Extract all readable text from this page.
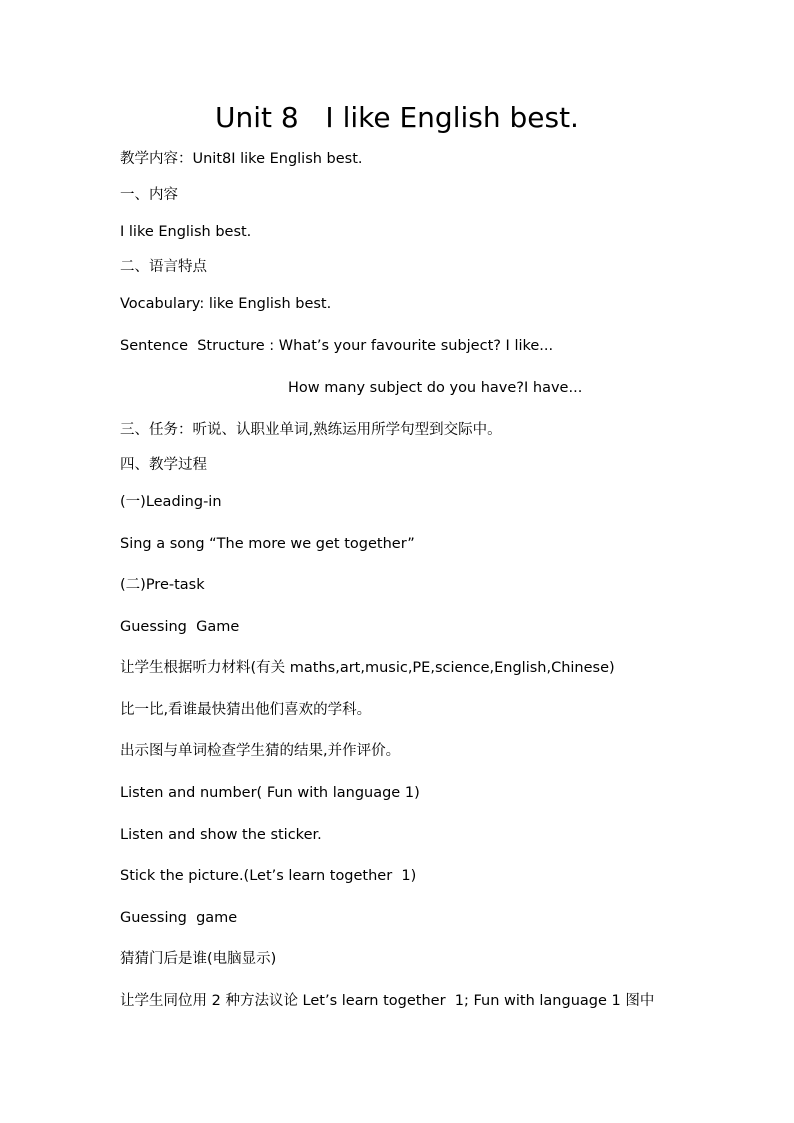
Unit 8   I like English best.
教学内容：Unit8I like English best.
一、内容
I like English best.
二、语言特点
Vocabulary: like English best.
Sentence  Structure : What’s your favourite subject? I like...
How many subject do you have?I have...
三、任务：听说、认职业单词,熟练运用所学句型到交际中。
四、教学过程
(一)Leading-in
Sing a song “The more we get together”
(二)Pre-task
Guessing  Game
让学生根据听力材料(有关 maths,art,music,PE,science,English,Chinese)
比一比,看谁最快猜出他们喜欢的学科。
出示图与单词检查学生猜的结果,并作评价。
Listen and number( Fun with language 1)
Listen and show the sticker.
Stick the picture.(Let’s learn together  1)
Guessing  game
猜猜门后是谁(电脑显示)
让学生同位用 2 种方法议论 Let’s learn together  1; Fun with language 1 图中
